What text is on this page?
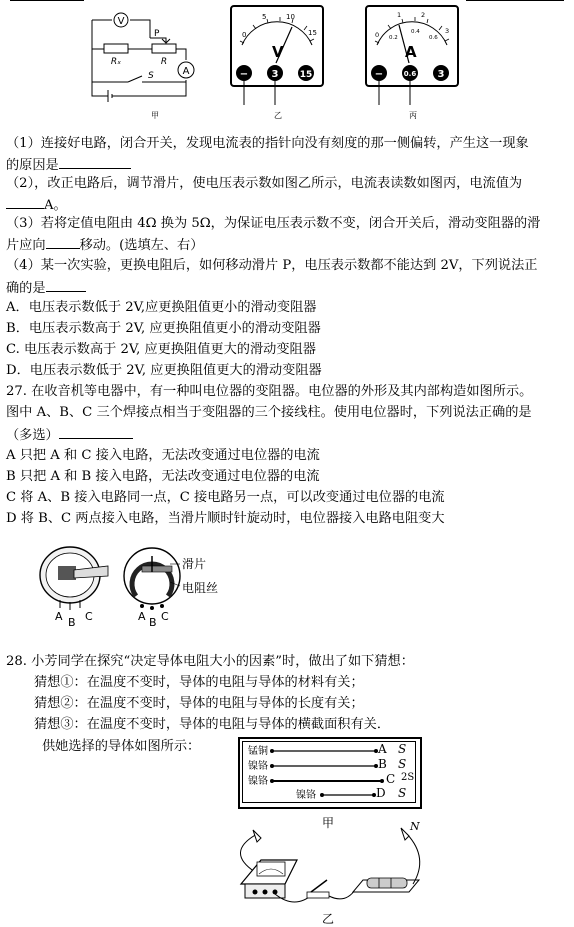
V
A
Rₓ	R
P
S
甲
0
5	10
15
V
− 3 15
乙
0
1	2
3
0.2
0.4
0.6
A
−	0.6 3
丙
（1）连接好电路，闭合开关，发现电流表的指针向没有刻度的那一侧偏转，产生这一现象
的原因是
（2），改正电路后，调节滑片，使电压表示数如图乙所示，电流表读数如图丙，电流值为
A。
（3）若将定值电阻由 4Ω 换为 5Ω，为保证电压表示数不变，闭合开关后，滑动变阻器的滑
片应向	移动。(选填左、右）
（4）某一次实验，更换电阻后，如何移动滑片 P，电压表示数都不能达到 2V，下列说法正
确的是
A．电压表示数低于 2V,应更换阻值更小的滑动变阻器
B．电压表示数高于 2V, 应更换阻值更小的滑动变阻器
C. 电压表示数高于 2V, 应更换阻值更大的滑动变阻器
D．电压表示数低于 2V, 应更换阻值更大的滑动变阻器
27. 在收音机等电器中，有一种叫电位器的变阻器。电位器的外形及其内部构造如图所示。
图中 A、B、C 三个焊接点相当于变阻器的三个接线柱。使用电位器时，下列说法正确的是
（多选）
A 只把 A 和 C 接入电路，无法改变通过电位器的电流
B 只把 A 和 B 接入电路，无法改变通过电位器的电流
C 将 A、B 接入电路同一点，C 接电路另一点，可以改变通过电位器的电流
D 将 B、C 两点接入电路，当滑片顺时针旋动时，电位器接入电路电阻变大
A B C	A B C
滑片
电阻丝
28. 小芳同学在探究“决定导体电阻大小的因素”时，做出了如下猜想：
猜想①：在温度不变时，导体的电阻与导体的材料有关；
猜想②：在温度不变时，导体的电阻与导体的长度有关；
猜想③：在温度不变时，导体的电阻与导体的横截面积有关．
供她选择的导体如图所示：	锰铜	A S
镍铬	B S
镍铬	C 2S
镍铬	D S
甲	N
乙
